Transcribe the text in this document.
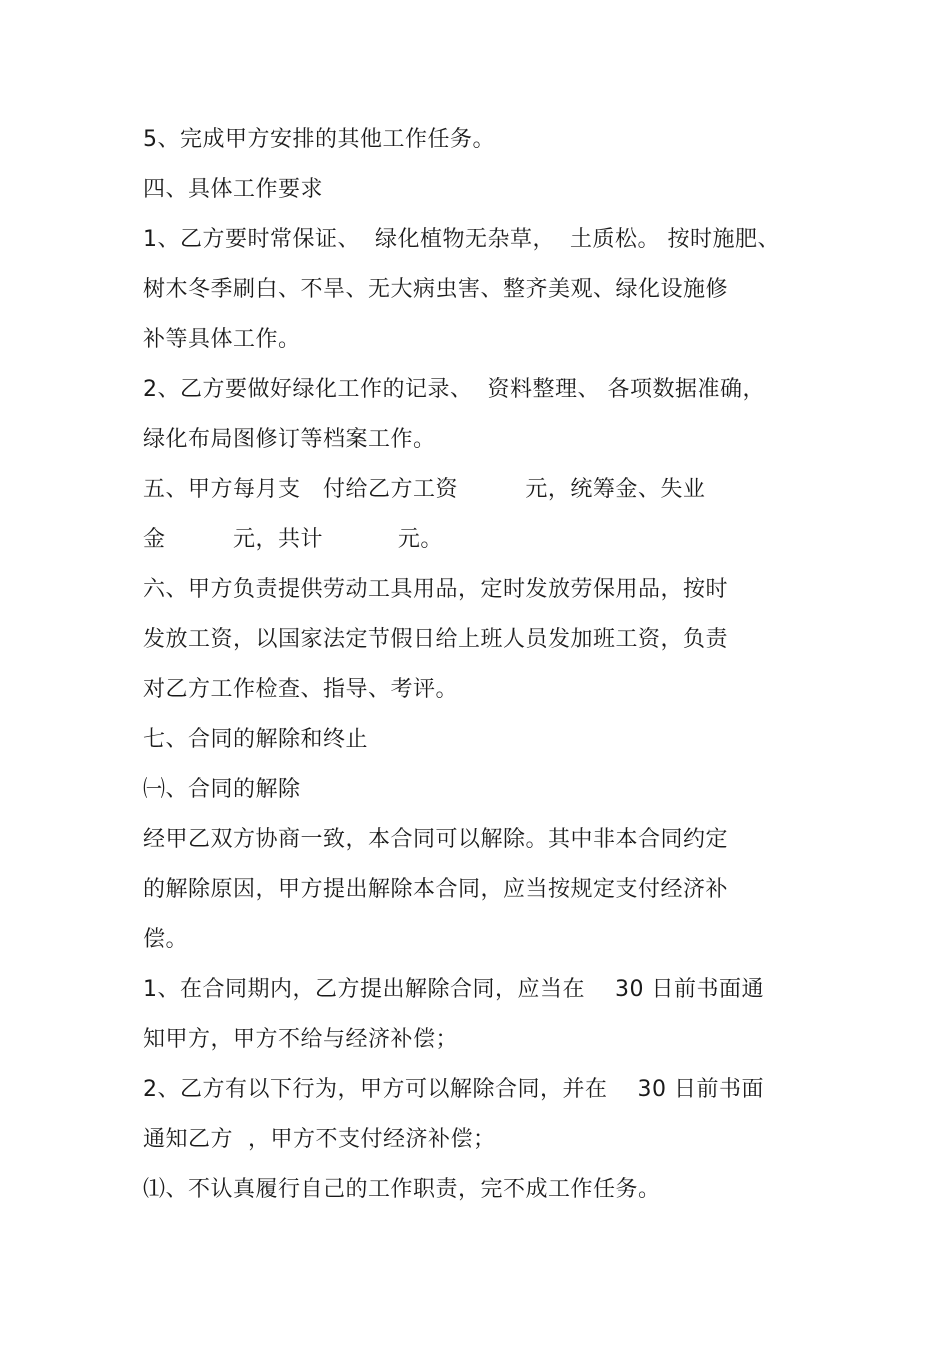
5、完成甲方安排的其他工作任务。
四、具体工作要求
1、乙方要时常保证、  绿化植物无杂草，  土质松。 按时施肥、
树木冬季刷白、不旱、无大病虫害、整齐美观、绿化设施修
补等具体工作。
2、乙方要做好绿化工作的记录、  资料整理、 各项数据准确，
绿化布局图修订等档案工作。
五、甲方每月支   付给乙方工资         元，统筹金、失业
金         元，共计          元。
六、甲方负责提供劳动工具用品，定时发放劳保用品，按时
发放工资，以国家法定节假日给上班人员发加班工资，负责
对乙方工作检查、指导、考评。
七、合同的解除和终止
㈠、合同的解除
经甲乙双方协商一致，本合同可以解除。其中非本合同约定
的解除原因，甲方提出解除本合同，应当按规定支付经济补
偿。
1、在合同期内，乙方提出解除合同，应当在    30 日前书面通
知甲方，甲方不给与经济补偿；
2、乙方有以下行为，甲方可以解除合同，并在    30 日前书面
通知乙方  ，甲方不支付经济补偿；
⑴、不认真履行自己的工作职责，完不成工作任务。
